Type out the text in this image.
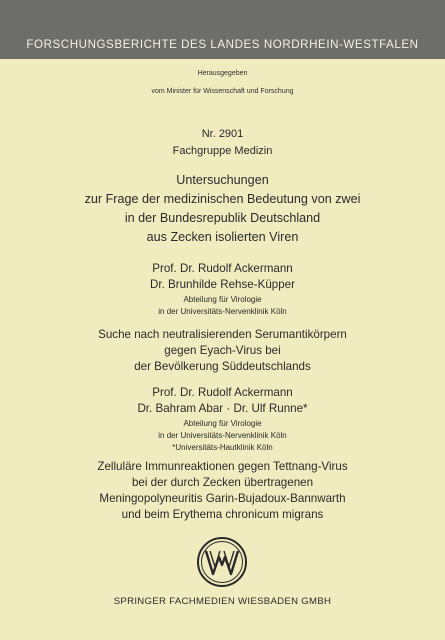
FORSCHUNGSBERICHTE DES LANDES NORDRHEIN-WESTFALEN
Herausgegeben
vom Minister für Wissenschaft und Forschung
Nr. 2901
Fachgruppe Medizin
Untersuchungen
zur Frage der medizinischen Bedeutung von zwei
in der Bundesrepublik Deutschland
aus Zecken isolierten Viren
Prof. Dr. Rudolf Ackermann
Dr. Brunhilde Rehse-Küpper
Abteilung für Virologie
in der Universitäts-Nervenklinik Köln
Suche nach neutralisierenden Serumantikörpern
gegen Eyach-Virus bei
der Bevölkerung Süddeutschlands
Prof. Dr. Rudolf Ackermann
Dr. Bahram Abar · Dr. Ulf Runne*
Abteilung für Virologie
in der Universitäts-Nervenklinik Köln
*Universitäts-Hautklinik Köln
Zelluläre Immunreaktionen gegen Tettnang-Virus
bei der durch Zecken übertragenen
Meningopolyneuritis Garin-Bujadoux-Bannwarth
und beim Erythema chronicum migrans
SPRINGER FACHMEDIEN WIESBADEN GMBH
